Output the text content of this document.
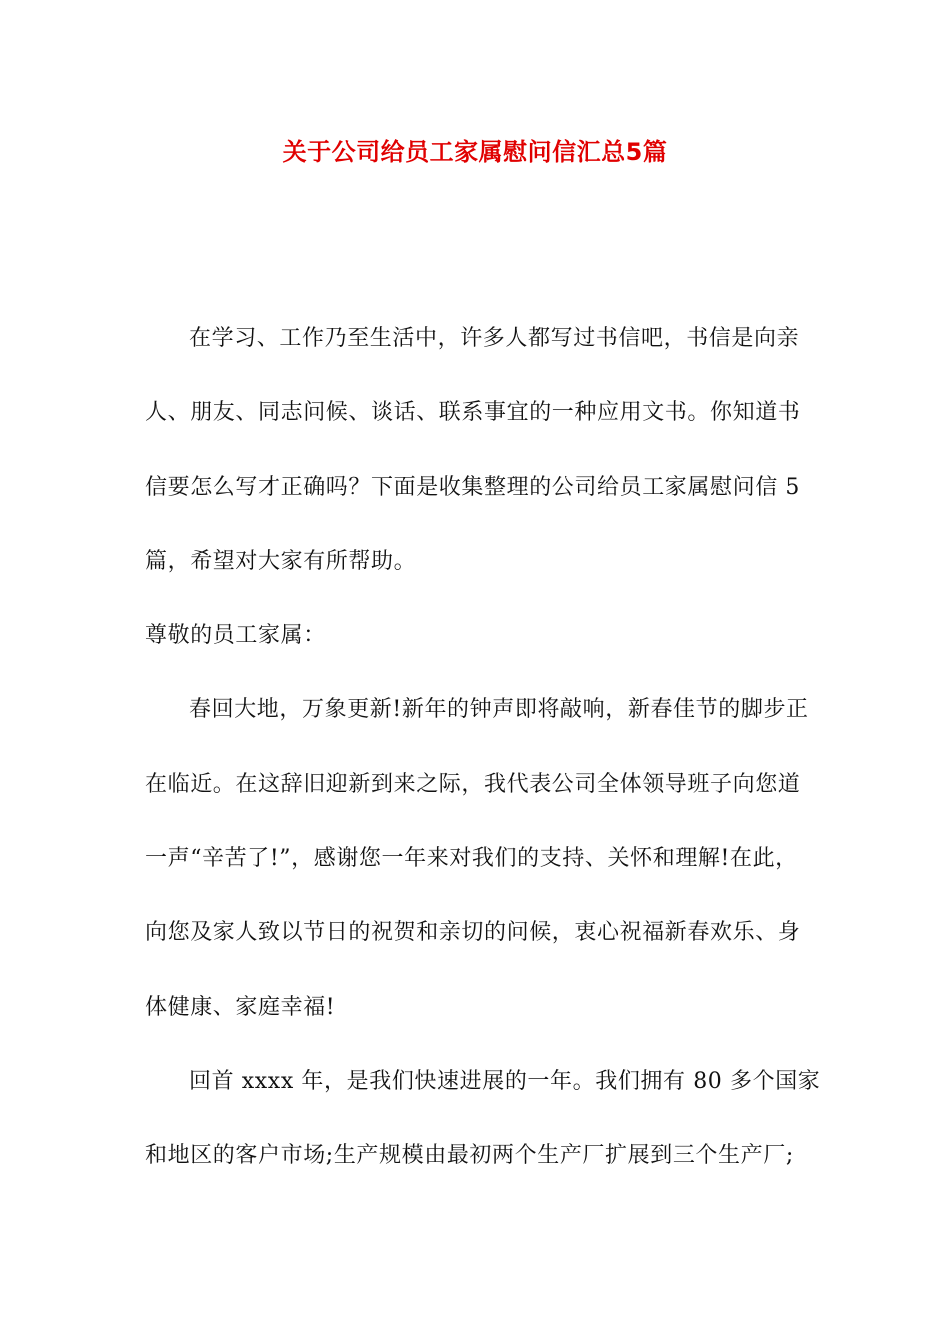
关于公司给员工家属慰问信汇总5篇
在学习、工作乃至生活中，许多人都写过书信吧，书信是向亲
人、朋友、同志问候、谈话、联系事宜的一种应用文书。你知道书
信要怎么写才正确吗？下面是收集整理的公司给员工家属慰问信 5
篇，希望对大家有所帮助。
尊敬的员工家属：
春回大地，万象更新!新年的钟声即将敲响，新春佳节的脚步正
在临近。在这辞旧迎新到来之际，我代表公司全体领导班子向您道
一声“辛苦了!”，感谢您一年来对我们的支持、关怀和理解!在此，
向您及家人致以节日的祝贺和亲切的问候，衷心祝福新春欢乐、身
体健康、家庭幸福!
回首 xxxx 年，是我们快速进展的一年。我们拥有 80 多个国家
和地区的客户市场;生产规模由最初两个生产厂扩展到三个生产厂;
